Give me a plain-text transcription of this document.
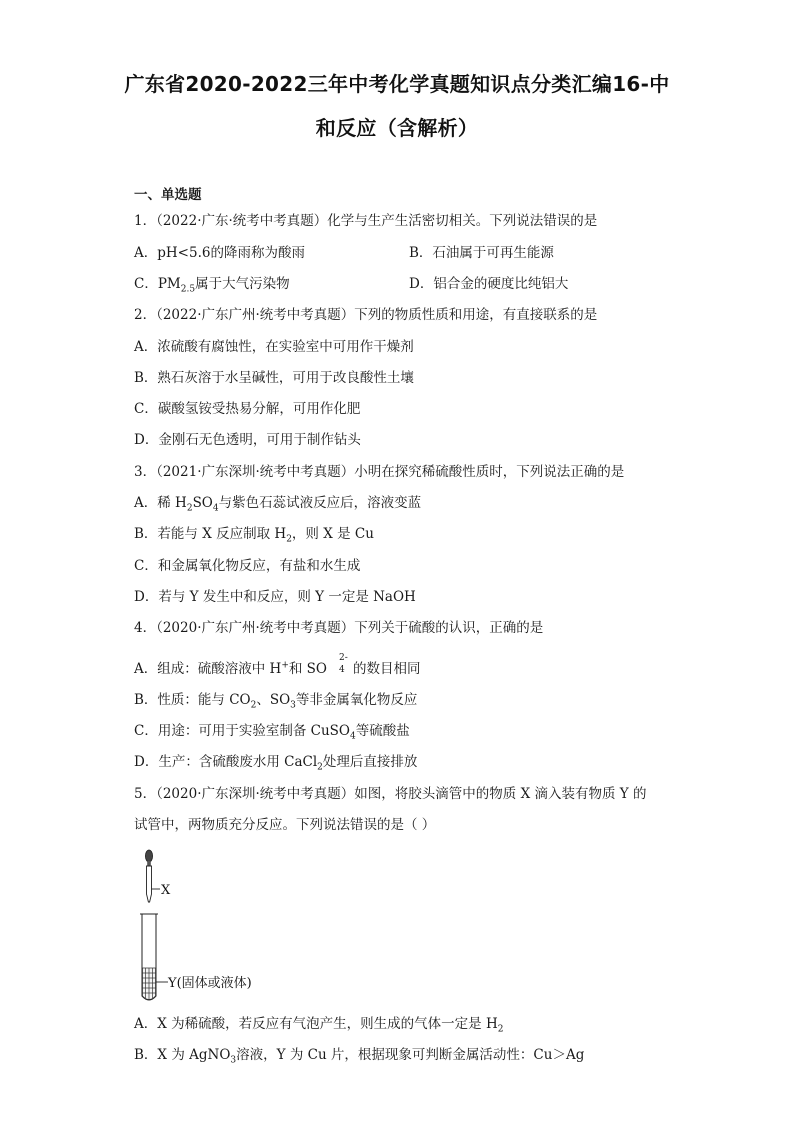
广东省2020-2022三年中考化学真题知识点分类汇编16-中
和反应（含解析）
一、单选题
1．（2022·广东·统考中考真题）化学与生产生活密切相关。下列说法错误的是
A．pH<5.6的降雨称为酸雨	B．石油属于可再生能源
C．$PM_{2.5}$属于大气污染物	D．铝合金的硬度比纯铝大
2．（2022·广东广州·统考中考真题）下列的物质性质和用途，有直接联系的是
A．浓硫酸有腐蚀性，在实验室中可用作干燥剂
B．熟石灰溶于水呈碱性，可用于改良酸性土壤
C．碳酸氢铵受热易分解，可用作化肥
D．金刚石无色透明，可用于制作钻头
3．（2021·广东深圳·统考中考真题）小明在探究稀硫酸性质时，下列说法正确的是
A．稀 $H_2SO_4$与紫色石蕊试液反应后，溶液变蓝
B．若能与 X 反应制取 $H_2$，则 X 是 Cu
C．和金属氧化物反应，有盐和水生成
D．若与 Y 发生中和反应，则 Y 一定是 NaOH
4．（2020·广东广州·统考中考真题）下列关于硫酸的认识，正确的是
A．组成：硫酸溶液中 H+和 SO
2-
4 的数目相同
B．性质：能与 $CO_2$、$SO_3$等非金属氧化物反应
C．用途：可用于实验室制备 CuSO$_4$等硫酸盐
D．生产：含硫酸废水用 CaCl$_2$处理后直接排放
5．（2020·广东深圳·统考中考真题）如图，将胶头滴管中的物质 X 滴入装有物质 Y 的
试管中，两物质充分反应。下列说法错误的是（ ）
X
Y(固体或液体)
A．X 为稀硫酸，若反应有气泡产生，则生成的气体一定是 $H_2$
B．X 为 AgNO$_3$溶液，Y 为 Cu 片，根据现象可判断金属活动性：Cu＞Ag
